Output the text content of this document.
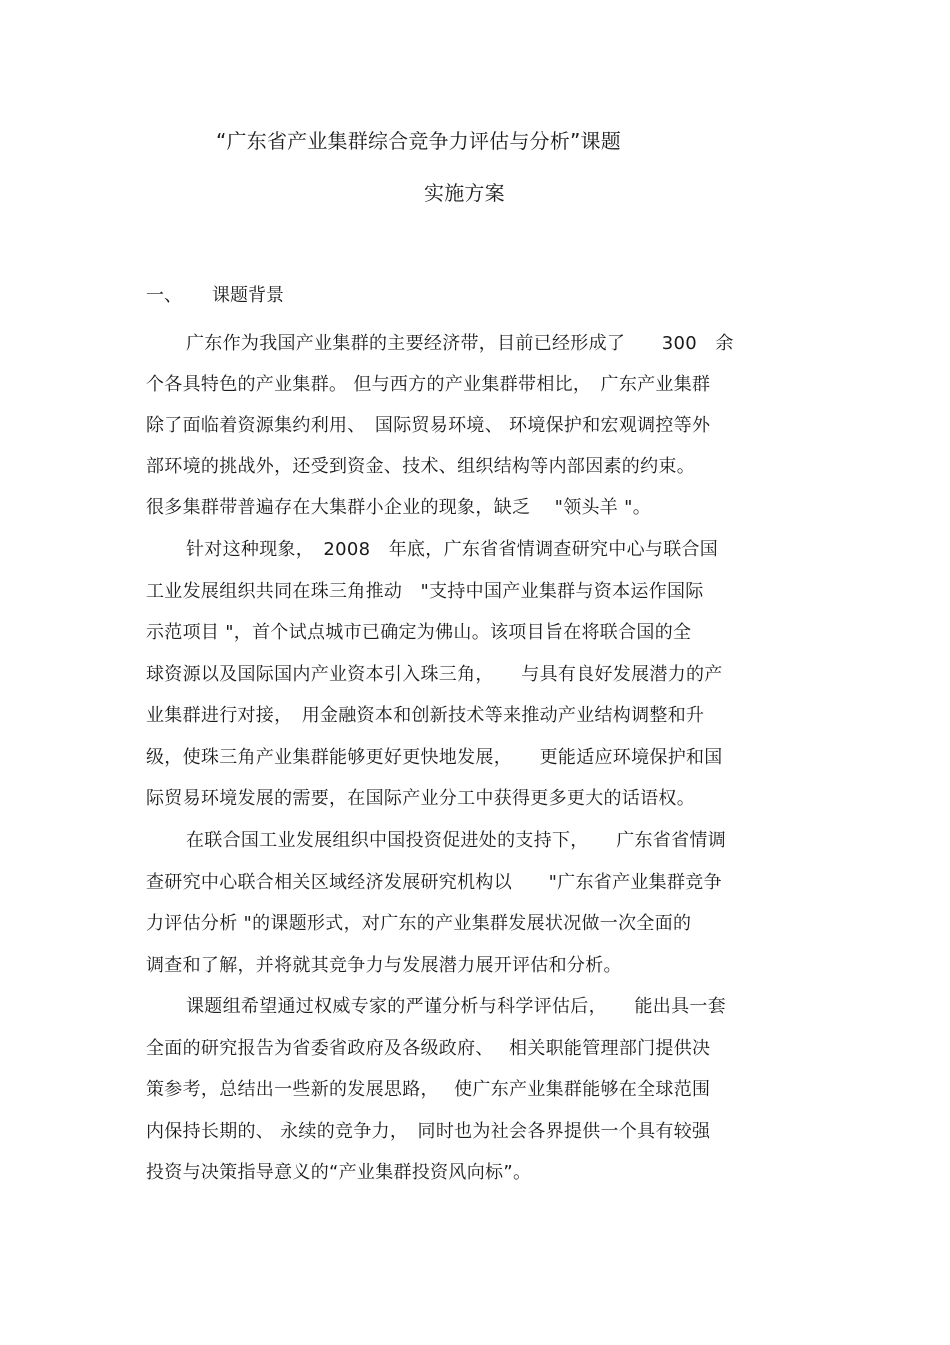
“广东省产业集群综合竞争力评估与分析”课题
实施方案
一、 课题背景
广东作为我国产业集群的主要经济带，目前已经形成了　　300　余
个各具特色的产业集群。 但与西方的产业集群带相比，　广东产业集群
除了面临着资源集约利用、　国际贸易环境、 环境保护和宏观调控等外
部环境的挑战外，还受到资金、技术、组织结构等内部因素的约束。
很多集群带普遍存在大集群小企业的现象，缺乏　 "领头羊 "。
针对这种现象，　2008　年底，广东省省情调查研究中心与联合国
工业发展组织共同在珠三角推动　"支持中国产业集群与资本运作国际
示范项目 "，首个试点城市已确定为佛山。该项目旨在将联合国的全
球资源以及国际国内产业资本引入珠三角，　　与具有良好发展潜力的产
业集群进行对接，　用金融资本和创新技术等来推动产业结构调整和升
级，使珠三角产业集群能够更好更快地发展，　　更能适应环境保护和国
际贸易环境发展的需要，在国际产业分工中获得更多更大的话语权。
在联合国工业发展组织中国投资促进处的支持下，　　广东省省情调
查研究中心联合相关区域经济发展研究机构以　　"广东省产业集群竞争
力评估分析 "的课题形式，对广东的产业集群发展状况做一次全面的
调查和了解，并将就其竞争力与发展潜力展开评估和分析。
课题组希望通过权威专家的严谨分析与科学评估后，　　能出具一套
全面的研究报告为省委省政府及各级政府、　 相关职能管理部门提供决
策参考，总结出一些新的发展思路，　 使广东产业集群能够在全球范围
内保持长期的、 永续的竞争力，　同时也为社会各界提供一个具有较强
投资与决策指导意义的“产业集群投资风向标”。
